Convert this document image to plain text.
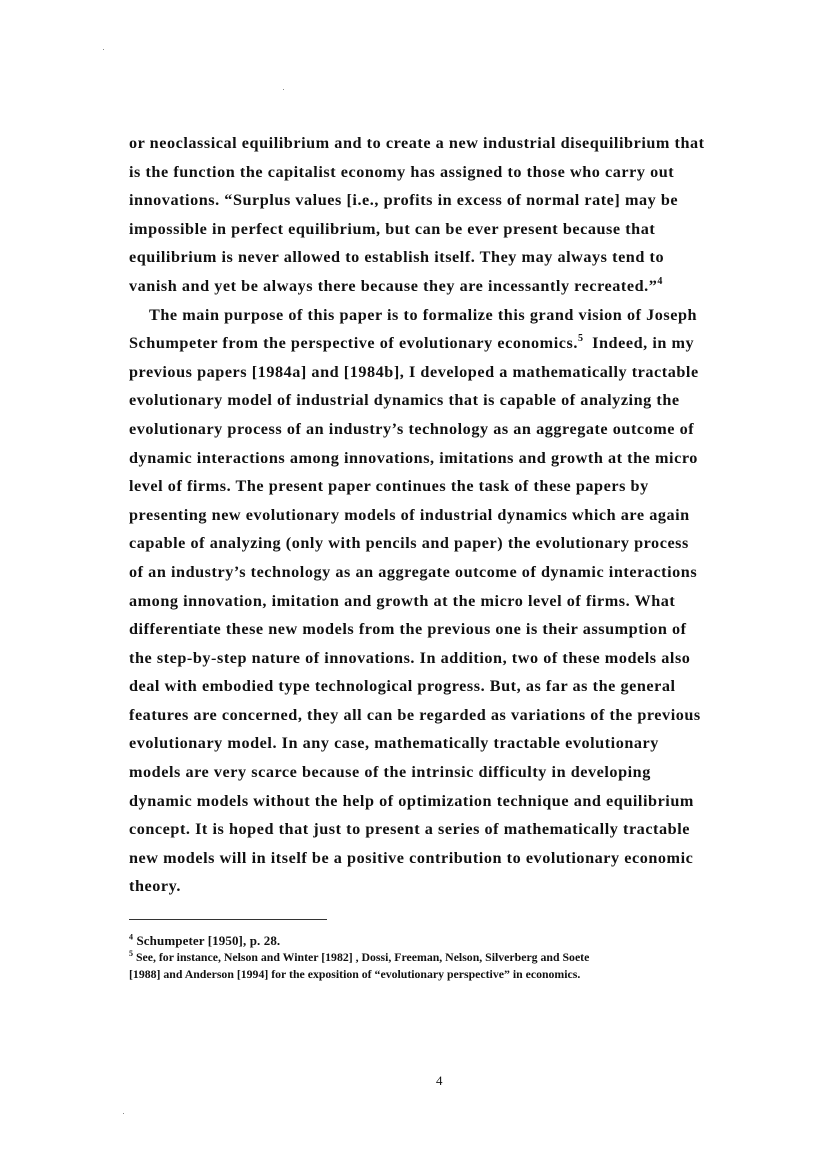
or neoclassical equilibrium and to create a new industrial disequilibrium that
is the function the capitalist economy has assigned to those who carry out
innovations. “Surplus values [i.e., profits in excess of normal rate] may be
impossible in perfect equilibrium, but can be ever present because that
equilibrium is never allowed to establish itself. They may always tend to
vanish and yet be always there because they are incessantly recreated.”$^4$

The main purpose of this paper is to formalize this grand vision of Joseph
Schumpeter from the perspective of evolutionary economics.$^5$  Indeed, in my
previous papers [1984a] and [1984b], I developed a mathematically tractable
evolutionary model of industrial dynamics that is capable of analyzing the
evolutionary process of an industry’s technology as an aggregate outcome of
dynamic interactions among innovations, imitations and growth at the micro
level of firms. The present paper continues the task of these papers by
presenting new evolutionary models of industrial dynamics which are again
capable of analyzing (only with pencils and paper) the evolutionary process
of an industry’s technology as an aggregate outcome of dynamic interactions
among innovation, imitation and growth at the micro level of firms. What
differentiate these new models from the previous one is their assumption of
the step-by-step nature of innovations. In addition, two of these models also
deal with embodied type technological progress. But, as far as the general
features are concerned, they all can be regarded as variations of the previous
evolutionary model. In any case, mathematically tractable evolutionary
models are very scarce because of the intrinsic difficulty in developing
dynamic models without the help of optimization technique and equilibrium
concept. It is hoped that just to present a series of mathematically tractable
new models will in itself be a positive contribution to evolutionary economic
theory.

$^4$ Schumpeter [1950], p. 28.

$^5$ See, for instance, Nelson and Winter [1982] , Dossi, Freeman, Nelson, Silverberg and Soete

[1988] and Anderson [1994] for the exposition of “evolutionary perspective” in economics.

4
